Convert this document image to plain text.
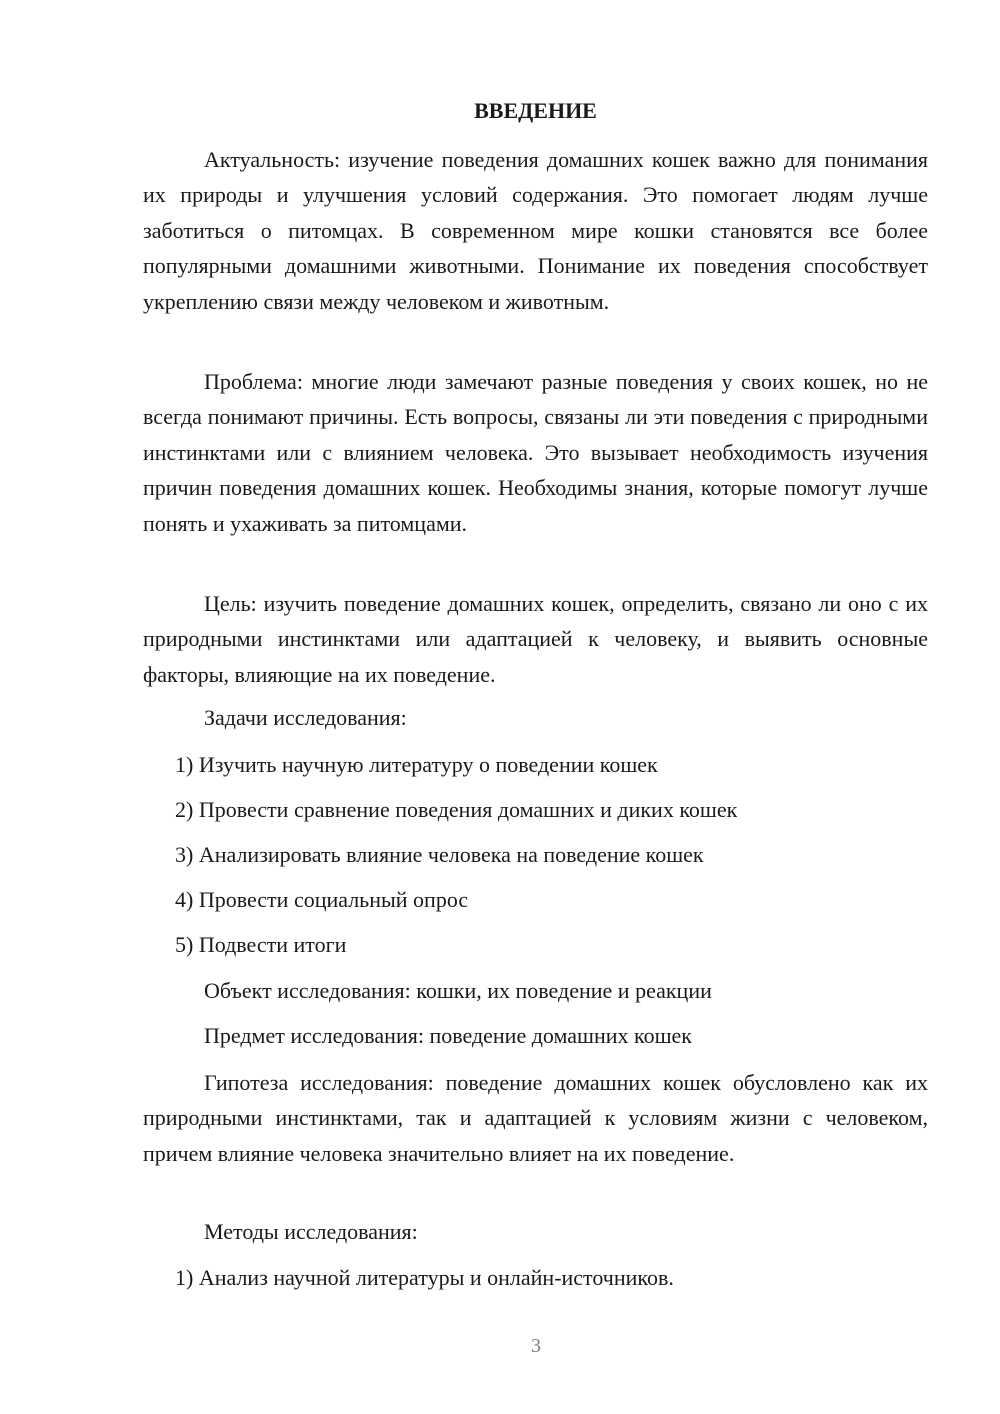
ВВЕДЕНИЕ

Актуальность: изучение поведения домашних кошек важно для понимания их природы и улучшения условий содержания. Это помогает людям лучше заботиться о питомцах. В современном мире кошки становятся все более популярными домашними животными. Понимание их поведения способствует укреплению связи между человеком и животным.

Проблема: многие люди замечают разные поведения у своих кошек, но не всегда понимают причины. Есть вопросы, связаны ли эти поведения с природными инстинктами или с влиянием человека. Это вызывает необходимость изучения причин поведения домашних кошек. Необходимы знания, которые помогут лучше понять и ухаживать за питомцами.

Цель: изучить поведение домашних кошек, определить, связано ли оно с их природными инстинктами или адаптацией к человеку, и выявить основные факторы, влияющие на их поведение.

Задачи исследования:

1) Изучить научную литературу о поведении кошек

2) Провести сравнение поведения домашних и диких кошек

3) Анализировать влияние человека на поведение кошек

4) Провести социальный опрос

5) Подвести итоги

Объект исследования: кошки, их поведение и реакции

Предмет исследования: поведение домашних кошек

Гипотеза исследования: поведение домашних кошек обусловлено как их природными инстинктами, так и адаптацией к условиям жизни с человеком, причем влияние человека значительно влияет на их поведение.

Методы исследования:

1) Анализ научной литературы и онлайн-источников.

3
